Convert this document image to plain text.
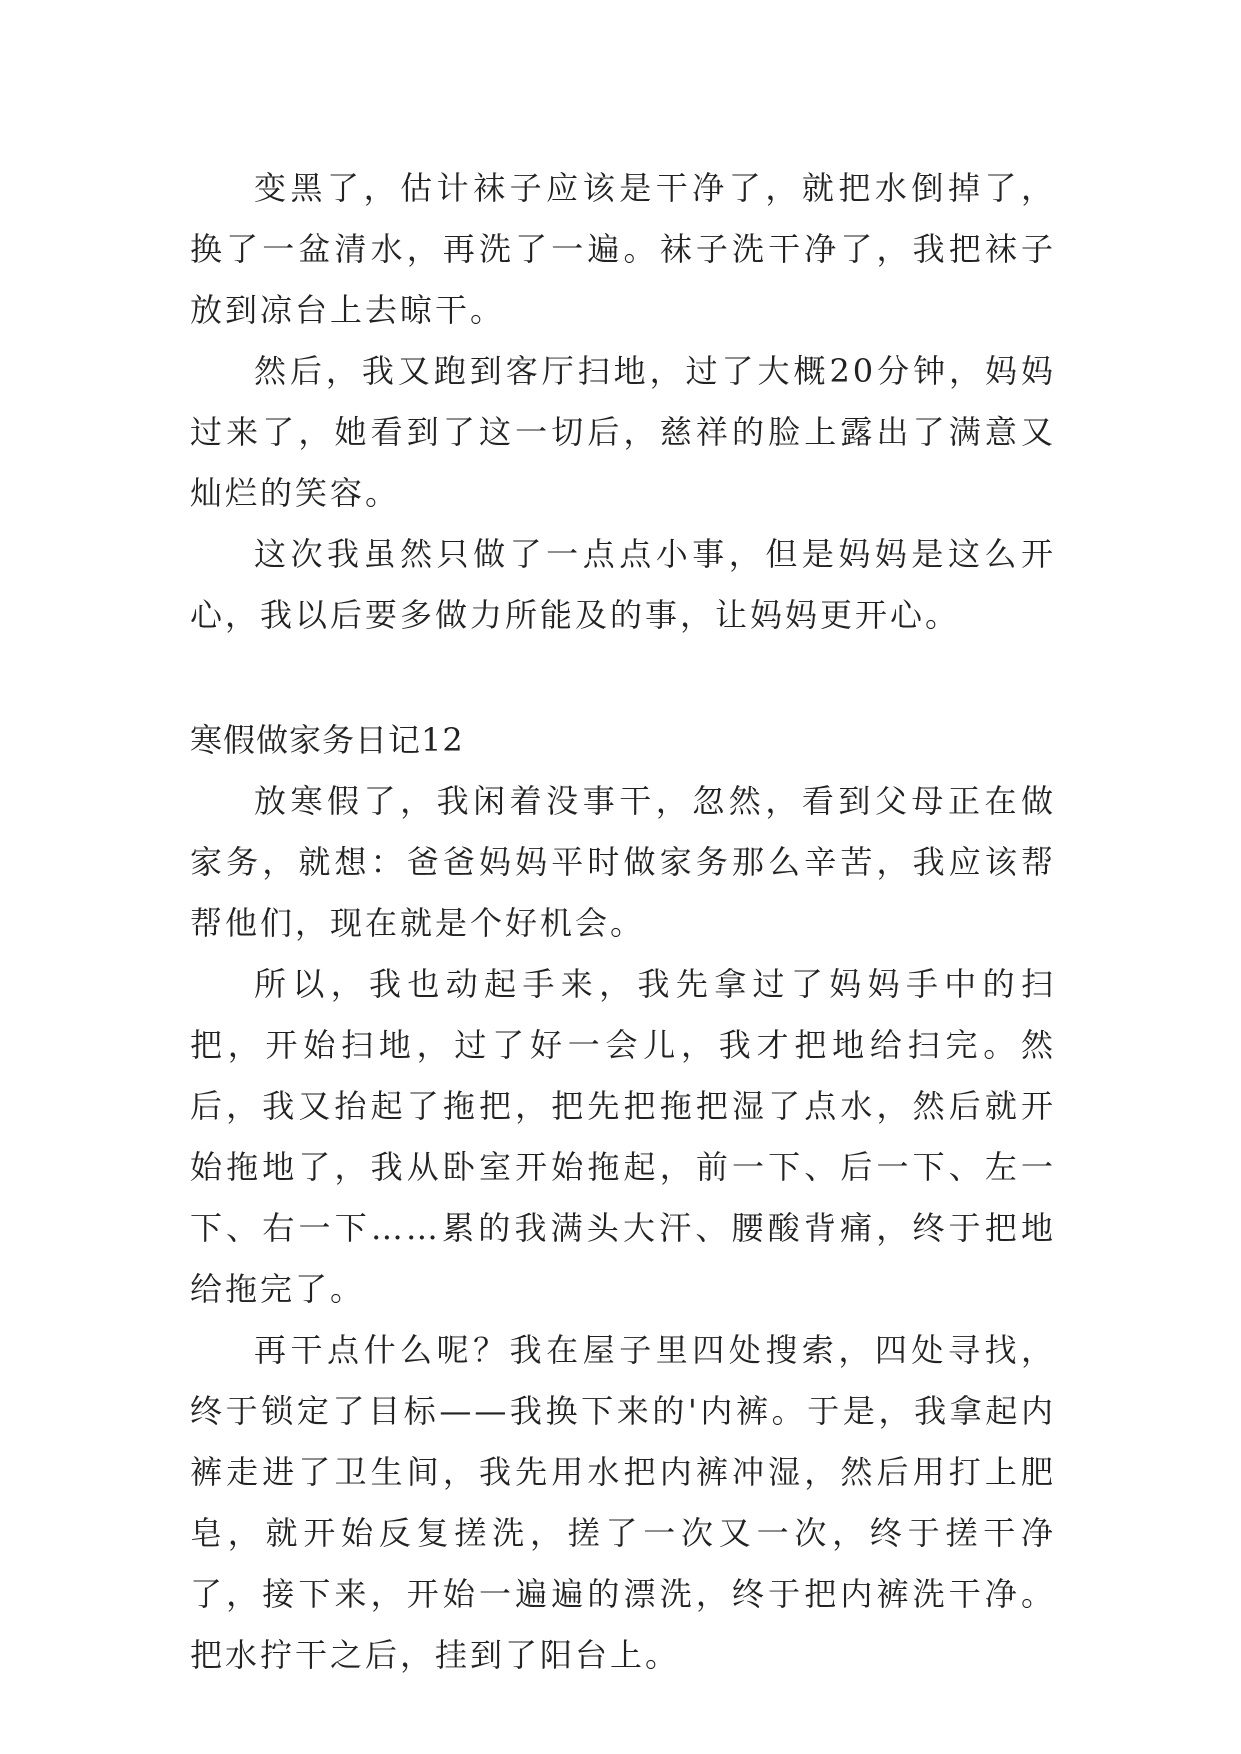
变黑了，估计袜子应该是干净了，就把水倒掉了，换了一盆清水，再洗了一遍。袜子洗干净了，我把袜子放到凉台上去晾干。

然后，我又跑到客厅扫地，过了大概20分钟，妈妈过来了，她看到了这一切后，慈祥的脸上露出了满意又灿烂的笑容。

这次我虽然只做了一点点小事，但是妈妈是这么开心，我以后要多做力所能及的事，让妈妈更开心。

寒假做家务日记12

放寒假了，我闲着没事干，忽然，看到父母正在做家务，就想：爸爸妈妈平时做家务那么辛苦，我应该帮帮他们，现在就是个好机会。

所以，我也动起手来，我先拿过了妈妈手中的扫把，开始扫地，过了好一会儿，我才把地给扫完。然后，我又抬起了拖把，把先把拖把湿了点水，然后就开始拖地了，我从卧室开始拖起，前一下、后一下、左一下、右一下……累的我满头大汗、腰酸背痛，终于把地给拖完了。

再干点什么呢？我在屋子里四处搜索，四处寻找，终于锁定了目标——我换下来的'内裤。于是，我拿起内裤走进了卫生间，我先用水把内裤冲湿，然后用打上肥皂，就开始反复搓洗，搓了一次又一次，终于搓干净了，接下来，开始一遍遍的漂洗，终于把内裤洗干净。把水拧干之后，挂到了阳台上。
